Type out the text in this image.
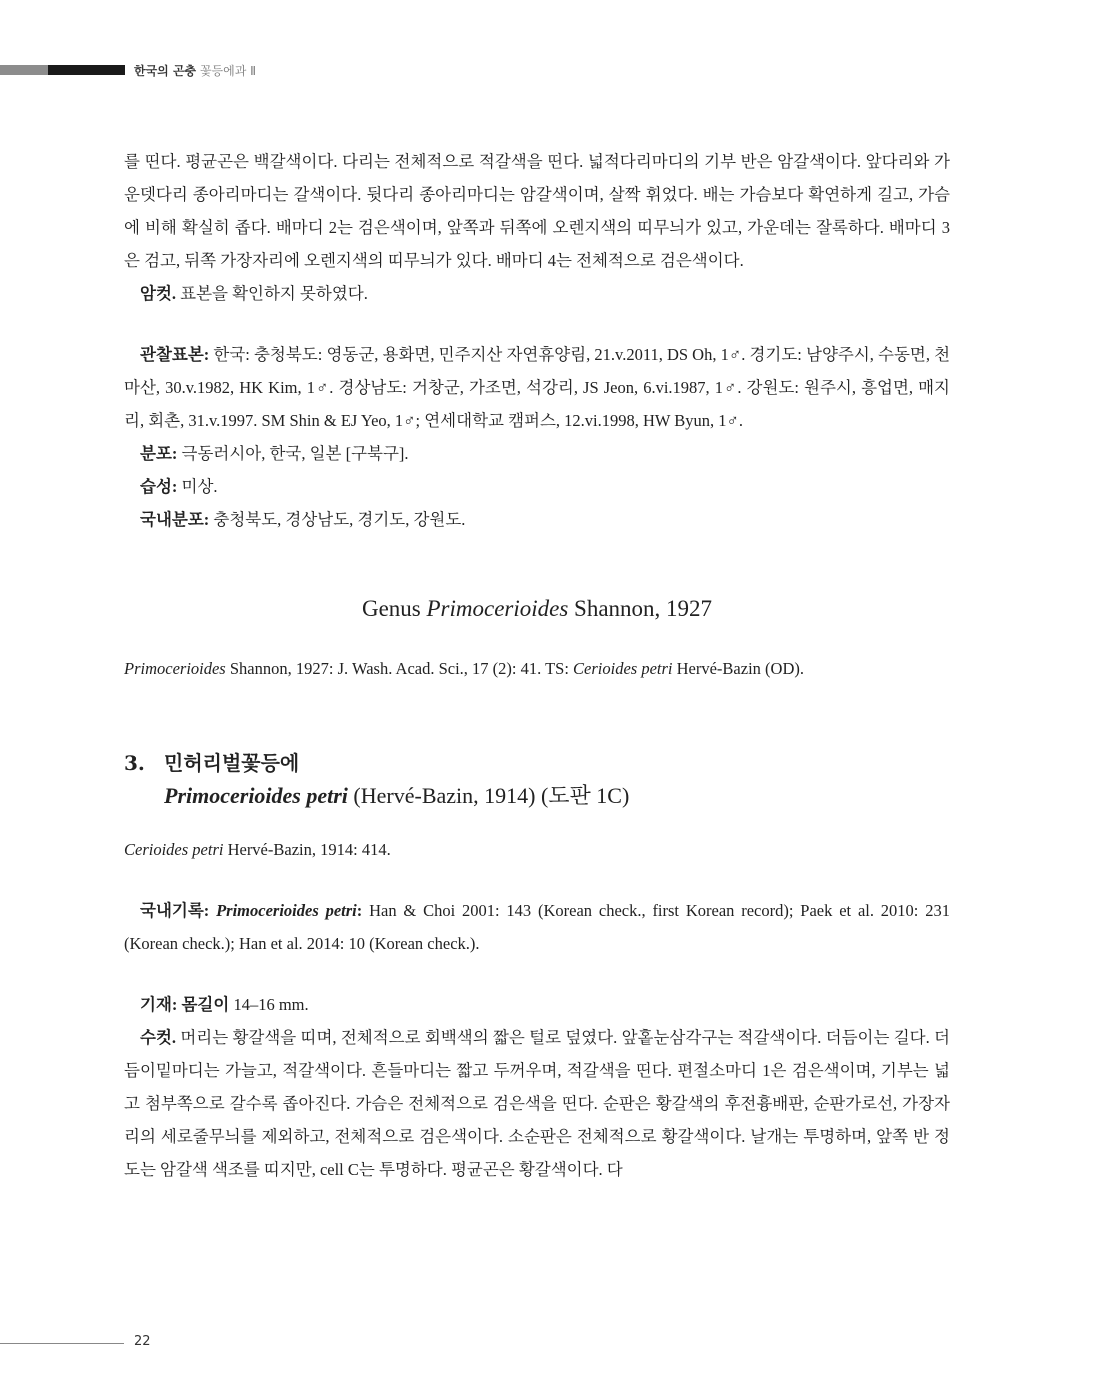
한국의 곤충 꽃등에과 Ⅱ

를 띤다. 평균곤은 백갈색이다. 다리는 전체적으로 적갈색을 띤다. 넓적다리마디의 기부 반은 암갈색이다. 앞다리와 가운뎃다리 종아리마디는 갈색이다. 뒷다리 종아리마디는 암갈색이며, 살짝 휘었다. 배는 가슴보다 확연하게 길고, 가슴에 비해 확실히 좁다. 배마디 2는 검은색이며, 앞쪽과 뒤쪽에 오렌지색의 띠무늬가 있고, 가운데는 잘록하다. 배마디 3은 검고, 뒤쪽 가장자리에 오렌지색의 띠무늬가 있다. 배마디 4는 전체적으로 검은색이다.

암컷. 표본을 확인하지 못하였다.

관찰표본: 한국: 충청북도: 영동군, 용화면, 민주지산 자연휴양림, 21.v.2011, DS Oh, 1♂. 경기도: 남양주시, 수동면, 천마산, 30.v.1982, HK Kim, 1♂. 경상남도: 거창군, 가조면, 석강리, JS Jeon, 6.vi.1987, 1♂. 강원도: 원주시, 흥업면, 매지리, 회촌, 31.v.1997. SM Shin & EJ Yeo, 1♂; 연세대학교 캠퍼스, 12.vi.1998, HW Byun, 1♂.

분포: 극동러시아, 한국, 일본 [구북구].

습성: 미상.

국내분포: 충청북도, 경상남도, 경기도, 강원도.

Genus Primocerioides Shannon, 1927

Primocerioides Shannon, 1927: J. Wash. Acad. Sci., 17 (2): 41. TS: Cerioides petri Hervé-Bazin (OD).

3. 민허리벌꽃등에
Primocerioides petri (Hervé-Bazin, 1914) (도판 1C)

Cerioides petri Hervé-Bazin, 1914: 414.

국내기록: Primocerioides petri: Han & Choi 2001: 143 (Korean check., first Korean record); Paek et al. 2010: 231 (Korean check.); Han et al. 2014: 10 (Korean check.).

기재: 몸길이 14–16 mm.

수컷. 머리는 황갈색을 띠며, 전체적으로 회백색의 짧은 털로 덮였다. 앞홑눈삼각구는 적갈색이다. 더듬이는 길다. 더듬이밑마디는 가늘고, 적갈색이다. 흔들마디는 짧고 두꺼우며, 적갈색을 띤다. 편절소마디 1은 검은색이며, 기부는 넓고 첨부쪽으로 갈수록 좁아진다. 가슴은 전체적으로 검은색을 띤다. 순판은 황갈색의 후전흉배판, 순판가로선, 가장자리의 세로줄무늬를 제외하고, 전체적으로 검은색이다. 소순판은 전체적으로 황갈색이다. 날개는 투명하며, 앞쪽 반 정도는 암갈색 색조를 띠지만, cell C는 투명하다. 평균곤은 황갈색이다. 다

22
